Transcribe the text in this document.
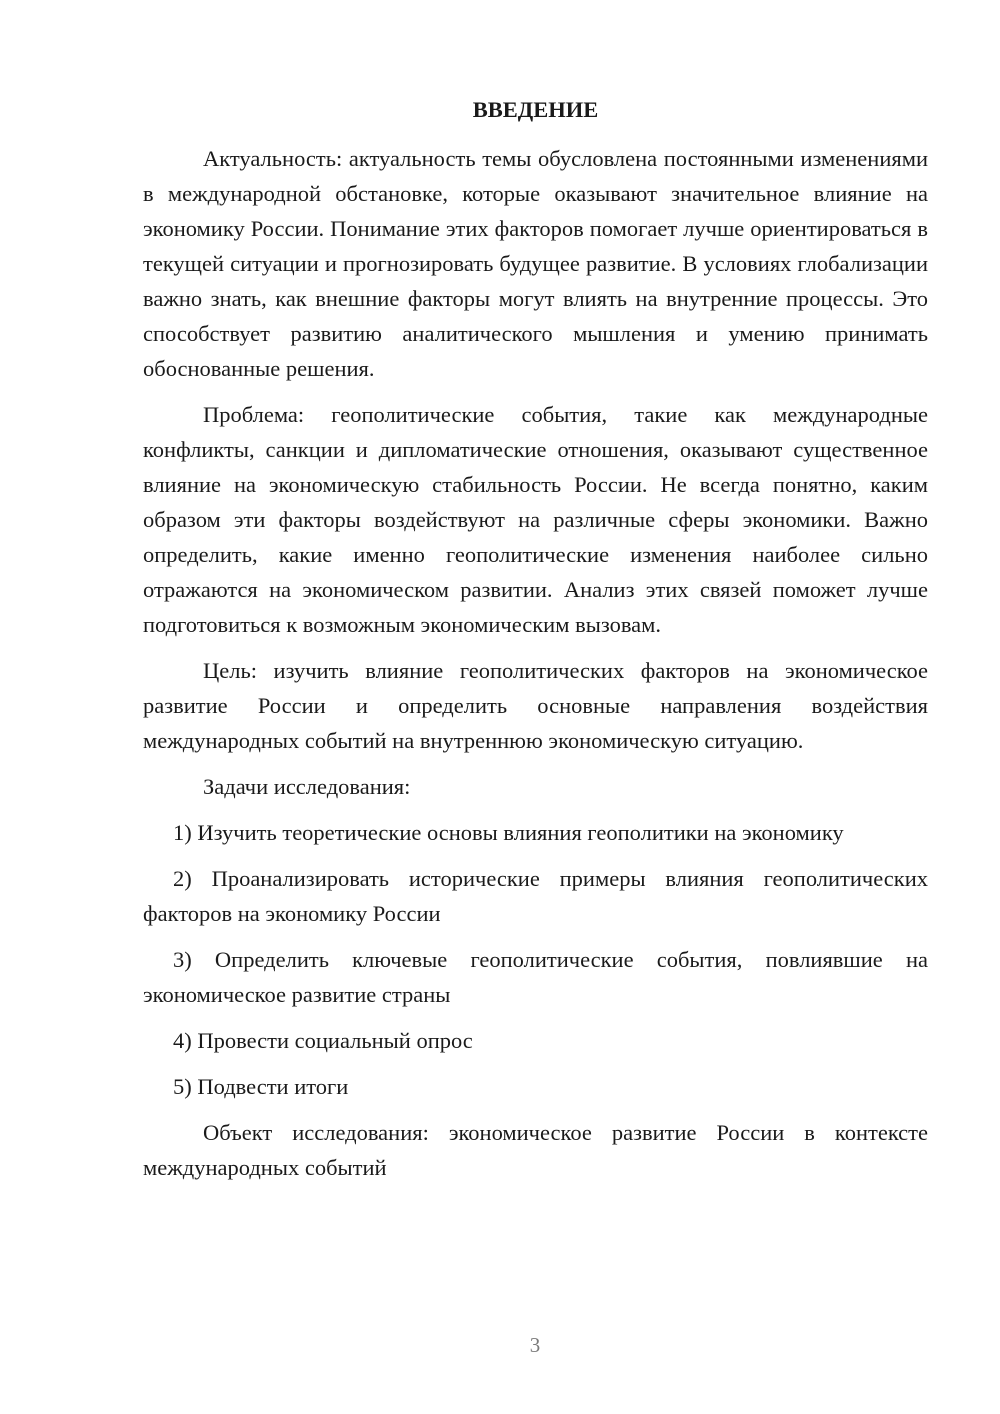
ВВЕДЕНИЕ

Актуальность: актуальность темы обусловлена постоянными изменениями в международной обстановке, которые оказывают значительное влияние на экономику России. Понимание этих факторов помогает лучше ориентироваться в текущей ситуации и прогнозировать будущее развитие. В условиях глобализации важно знать, как внешние факторы могут влиять на внутренние процессы. Это способствует развитию аналитического мышления и умению принимать обоснованные решения.

Проблема: геополитические события, такие как международные конфликты, санкции и дипломатические отношения, оказывают существенное влияние на экономическую стабильность России. Не всегда понятно, каким образом эти факторы воздействуют на различные сферы экономики. Важно определить, какие именно геополитические изменения наиболее сильно отражаются на экономическом развитии. Анализ этих связей поможет лучше подготовиться к возможным экономическим вызовам.

Цель: изучить влияние геополитических факторов на экономическое развитие России и определить основные направления воздействия международных событий на внутреннюю экономическую ситуацию.

Задачи исследования:

1) Изучить теоретические основы влияния геополитики на экономику

2) Проанализировать исторические примеры влияния геополитических факторов на экономику России

3) Определить ключевые геополитические события, повлиявшие на экономическое развитие страны

4) Провести социальный опрос

5) Подвести итоги

Объект исследования: экономическое развитие России в контексте международных событий

3
